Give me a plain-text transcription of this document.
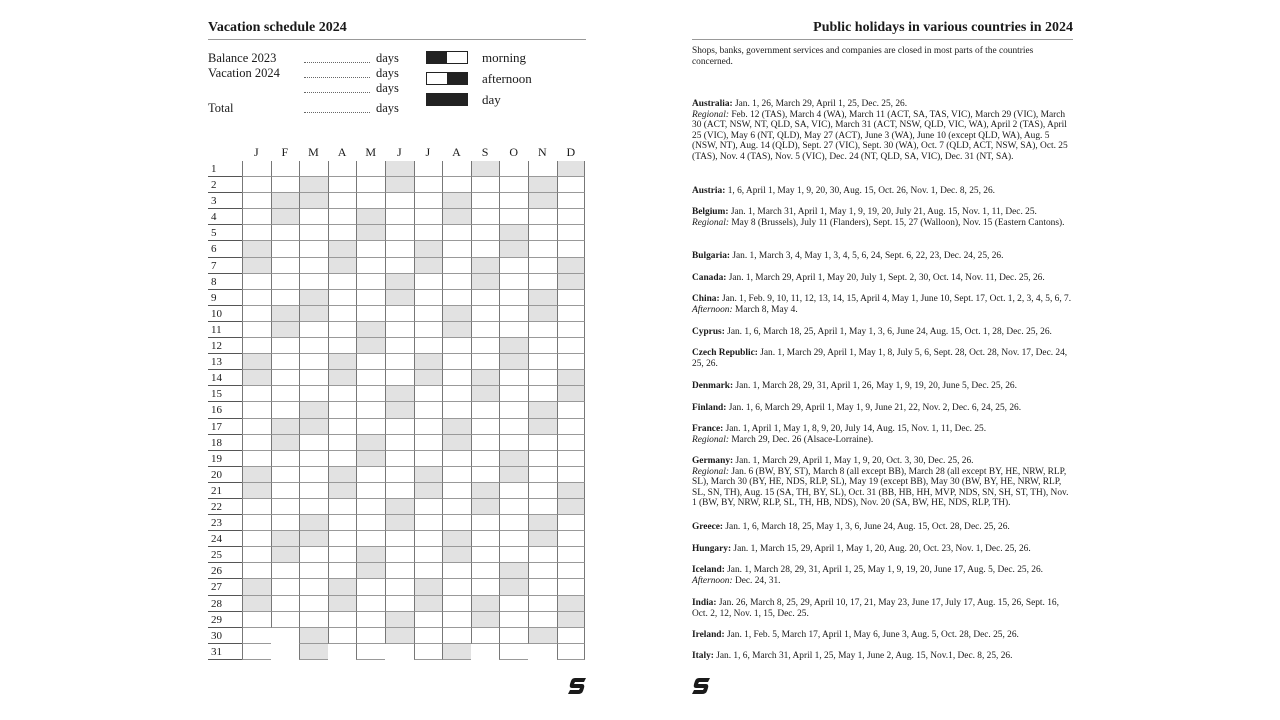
Vacation schedule 2024
Balance 2023	days
Vacation 2024	days
days
Total	days
morning
afternoon
day
J	F	M	A	M	J	J	A	S	O	N	D
1
2
3
4
5
6
7
8
9
10
11
12
13
14
15
16
17
18
19
20
21
22
23
24
25
26
27
28
29
30
31
Public holidays in various countries in 2024

Shops, banks, government services and companies are closed in most parts of the countries concerned.

Australia: Jan. 1, 26, March 29, April 1, 25, Dec. 25, 26.
Regional: Feb. 12 (TAS), March 4 (WA), March 11 (ACT, SA, TAS, VIC), March 29 (VIC), March 30 (ACT, NSW, NT, QLD, SA, VIC), March 31 (ACT, NSW, QLD, VIC, WA), April 2 (TAS), April 25 (VIC), May 6 (NT, QLD), May 27 (ACT), June 3 (WA), June 10 (except QLD, WA), Aug. 5 (NSW, NT), Aug. 14 (QLD), Sept. 27 (VIC), Sept. 30 (WA), Oct. 7 (QLD, ACT, NSW, SA), Oct. 25 (TAS), Nov. 4 (TAS), Nov. 5 (VIC), Dec. 24 (NT, QLD, SA, VIC), Dec. 31 (NT, SA).
Austria: 1, 6, April 1, May 1, 9, 20, 30, Aug. 15, Oct. 26, Nov. 1, Dec. 8, 25, 26.
Belgium: Jan. 1, March 31, April 1, May 1, 9, 19, 20, July 21, Aug. 15, Nov. 1, 11, Dec. 25.
Regional: May 8 (Brussels), July 11 (Flanders), Sept. 15, 27 (Walloon), Nov. 15 (Eastern Cantons).
Bulgaria: Jan. 1, March 3, 4, May 1, 3, 4, 5, 6, 24, Sept. 6, 22, 23, Dec. 24, 25, 26.
Canada: Jan. 1, March 29, April 1, May 20, July 1, Sept. 2, 30, Oct. 14, Nov. 11, Dec. 25, 26.
China: Jan. 1, Feb. 9, 10, 11, 12, 13, 14, 15, April 4, May 1, June 10, Sept. 17, Oct. 1, 2, 3, 4, 5, 6, 7.
Afternoon: March 8, May 4.
Cyprus: Jan. 1, 6, March 18, 25, April 1, May 1, 3, 6, June 24, Aug. 15, Oct. 1, 28, Dec. 25, 26.
Czech Republic: Jan. 1, March 29, April 1, May 1, 8, July 5, 6, Sept. 28, Oct. 28, Nov. 17, Dec. 24, 25, 26.
Denmark: Jan. 1, March 28, 29, 31, April 1, 26, May 1, 9, 19, 20, June 5, Dec. 25, 26.
Finland: Jan. 1, 6, March 29, April 1, May 1, 9, June 21, 22, Nov. 2, Dec. 6, 24, 25, 26.
France: Jan. 1, April 1, May 1, 8, 9, 20, July 14, Aug. 15, Nov. 1, 11, Dec. 25.
Regional: March 29, Dec. 26 (Alsace-Lorraine).
Germany: Jan. 1, March 29, April 1, May 1, 9, 20, Oct. 3, 30, Dec. 25, 26.
Regional: Jan. 6 (BW, BY, ST), March 8 (all except BB), March 28 (all except BY, HE, NRW, RLP, SL), March 30 (BY, HE, NDS, RLP, SL), May 19 (except BB), May 30 (BW, BY, HE, NRW, RLP, SL, SN, TH), Aug. 15 (SA, TH, BY, SL), Oct. 31 (BB, HB, HH, MVP, NDS, SN, SH, ST, TH), Nov. 1 (BW, BY, NRW, RLP, SL, TH, HB, NDS), Nov. 20 (SA, BW, HE, NDS, RLP, TH).
Greece: Jan. 1, 6, March 18, 25, May 1, 3, 6, June 24, Aug. 15, Oct. 28, Dec. 25, 26.
Hungary: Jan. 1, March 15, 29, April 1, May 1, 20, Aug. 20, Oct. 23, Nov. 1, Dec. 25, 26.
Iceland: Jan. 1, March 28, 29, 31, April 1, 25, May 1, 9, 19, 20, June 17, Aug. 5, Dec. 25, 26.
Afternoon: Dec. 24, 31.
India: Jan. 26, March 8, 25, 29, April 10, 17, 21, May 23, June 17, July 17, Aug. 15, 26, Sept. 16, Oct. 2, 12, Nov. 1, 15, Dec. 25.
Ireland: Jan. 1, Feb. 5, March 17, April 1, May 6, June 3, Aug. 5, Oct. 28, Dec. 25, 26.
Italy: Jan. 1, 6, March 31, April 1, 25, May 1, June 2, Aug. 15, Nov.1, Dec. 8, 25, 26.
